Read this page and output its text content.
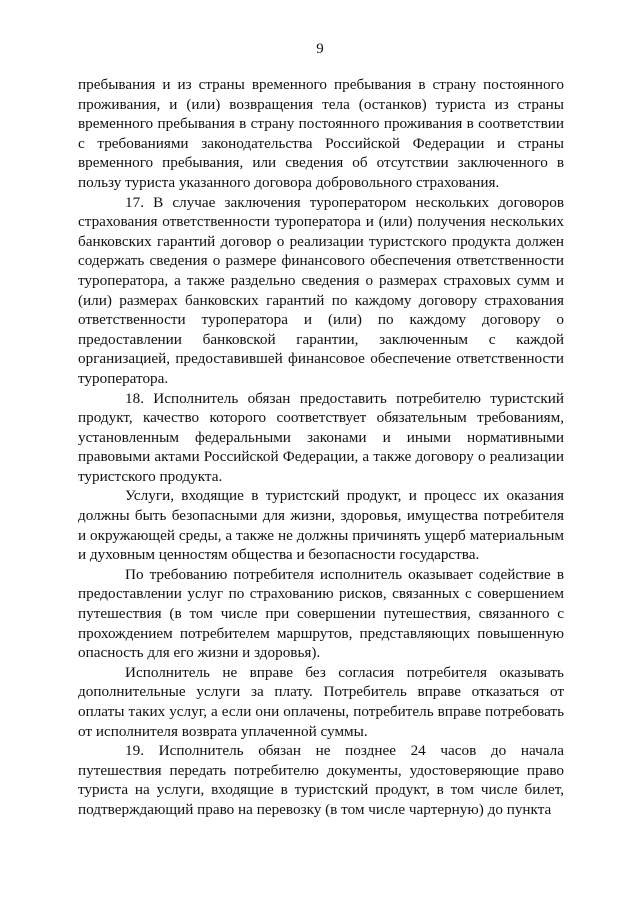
9

пребывания и из страны временного пребывания в страну постоянного проживания, и (или) возвращения тела (останков) туриста из страны временного пребывания в страну постоянного проживания в соответствии с требованиями законодательства Российской Федерации и страны временного пребывания, или сведения об отсутствии заключенного в пользу туриста указанного договора добровольного страхования.

17. В случае заключения туроператором нескольких договоров страхования ответственности туроператора и (или) получения нескольких банковских гарантий договор о реализации туристского продукта должен содержать сведения о размере финансового обеспечения ответственности туроператора, а также раздельно сведения о размерах страховых сумм и (или) размерах банковских гарантий по каждому договору страхования ответственности туроператора и (или) по каждому договору о предоставлении банковской гарантии, заключенным с каждой организацией, предоставившей финансовое обеспечение ответственности туроператора.

18. Исполнитель обязан предоставить потребителю туристский продукт, качество которого соответствует обязательным требованиям, установленным федеральными законами и иными нормативными правовыми актами Российской Федерации, а также договору о реализации туристского продукта.

Услуги, входящие в туристский продукт, и процесс их оказания должны быть безопасными для жизни, здоровья, имущества потребителя и окружающей среды, а также не должны причинять ущерб материальным и духовным ценностям общества и безопасности государства.

По требованию потребителя исполнитель оказывает содействие в предоставлении услуг по страхованию рисков, связанных с совершением путешествия (в том числе при совершении путешествия, связанного с прохождением потребителем маршрутов, представляющих повышенную опасность для его жизни и здоровья).

Исполнитель не вправе без согласия потребителя оказывать дополнительные услуги за плату. Потребитель вправе отказаться от оплаты таких услуг, а если они оплачены, потребитель вправе потребовать от исполнителя возврата уплаченной суммы.

19. Исполнитель обязан не позднее 24 часов до начала путешествия передать потребителю документы, удостоверяющие право туриста на услуги, входящие в туристский продукт, в том числе билет, подтверждающий право на перевозку (в том числе чартерную) до пункта
